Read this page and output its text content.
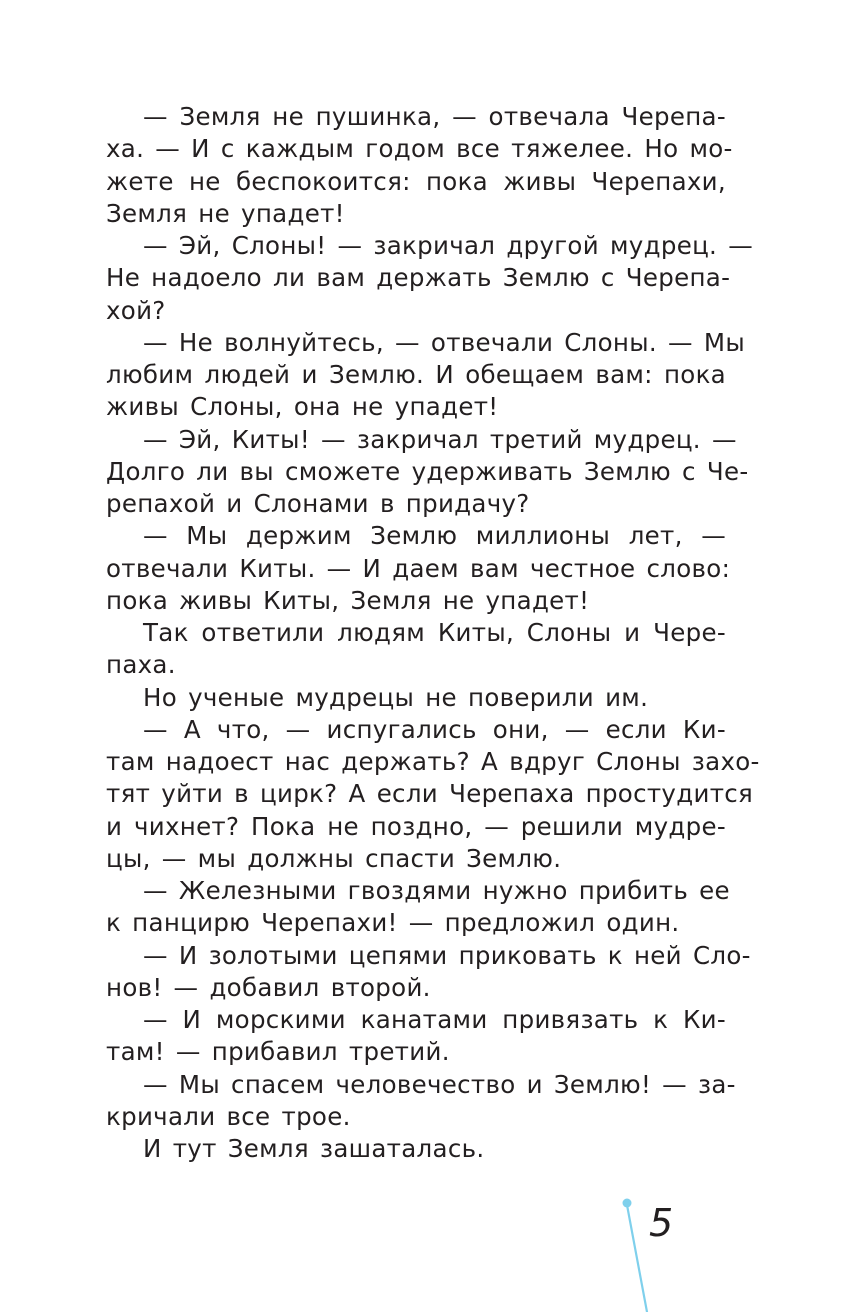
— Земля не пушинка, — отвечала Черепа-
ха. — И с каждым годом все тяжелее. Но мо-
жете не беспокоится: пока живы Черепахи,
Земля не упадет!
— Эй, Слоны! — закричал другой мудрец. —
Не надоело ли вам держать Землю с Черепа-
хой?
— Не волнуйтесь, — отвечали Слоны. — Мы
любим людей и Землю. И обещаем вам: пока
живы Слоны, она не упадет!
— Эй, Киты! — закричал третий мудрец. —
Долго ли вы сможете удерживать Землю с Че-
репахой и Слонами в придачу?
— Мы держим Землю миллионы лет, —
отвечали Киты. — И даем вам честное слово:
пока живы Киты, Земля не упадет!
Так ответили людям Киты, Слоны и Чере-
паха.
Но ученые мудрецы не поверили им.
— А что, — испугались они, — если Ки-
там надоест нас держать? А вдруг Слоны захо-
тят уйти в цирк? А если Черепаха простудится
и чихнет? Пока не поздно, — решили мудре-
цы, — мы должны спасти Землю.
— Железными гвоздями нужно прибить ее
к панцирю Черепахи! — предложил один.
— И золотыми цепями приковать к ней Сло-
нов! — добавил второй.
— И морскими канатами привязать к Ки-
там! — прибавил третий.
— Мы спасем человечество и Землю! — за-
кричали все трое.
И тут Земля зашаталась.
5
